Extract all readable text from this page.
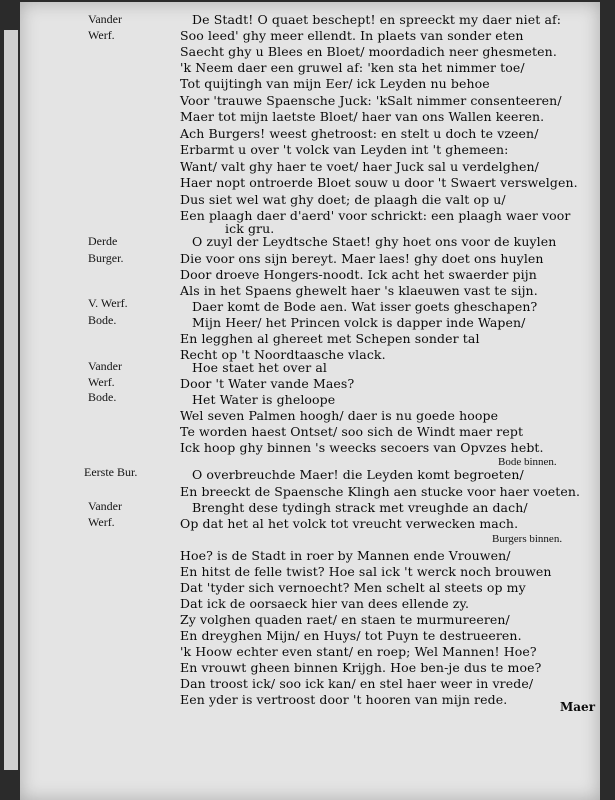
Vander
Werf.
Derde
Burger.
V. Werf.
Bode.
Vander
Werf.
Bode.
Eerste Bur.
Vander
Werf.
De Stadt! O quaet beschept! en spreeckt my daer niet af:
Soo leed' ghy meer ellendt. In plaets van sonder eten
Saecht ghy u Blees en Bloet/ moordadich neer ghesmeten.
'k Neem daer een gruwel af: 'ken sta het nimmer toe/
Tot quijtingh van mijn Eer/ ick Leyden nu behoe
Voor 'trauwe Spaensche Juck: 'kSalt nimmer consenteeren/
Maer tot mijn laetste Bloet/ haer van ons Wallen keeren.
Ach Burgers! weest ghetroost: en stelt u doch te vzeen/
Erbarmt u over 't volck van Leyden int 't ghemeen:
Want/ valt ghy haer te voet/ haer Juck sal u verdelghen/
Haer nopt ontroerde Bloet souw u door 't Swaert verswelgen.
Dus siet wel wat ghy doet; de plaagh die valt op u/
Een plaagh daer d'aerd' voor schrickt: een plaagh waer voor
ick gru.
O zuyl der Leydtsche Staet! ghy hoet ons voor de kuylen
Die voor ons sijn bereyt. Maer laes! ghy doet ons huylen
Door droeve Hongers-noodt. Ick acht het swaerder pijn
Als in het Spaens ghewelt haer 's klaeuwen vast te sijn.
Daer komt de Bode aen. Wat isser goets gheschapen?
Mijn Heer/ het Princen volck is dapper inde Wapen/
En legghen al ghereet met Schepen sonder tal
Recht op 't Noordtaasche vlack.
Hoe staet het over al
Door 't Water vande Maes?
Het Water is gheloope
Wel seven Palmen hoogh/ daer is nu goede hoope
Te worden haest Ontset/ soo sich de Windt maer rept
Ick hoop ghy binnen 's weecks secoers van Opvzes hebt.
O overbreuchde Maer! die Leyden komt begroeten/
En breeckt de Spaensche Klingh aen stucke voor haer voeten.
Brenght dese tydingh strack met vreughde an dach/
Op dat het al het volck tot vreucht verwecken mach.
Hoe? is de Stadt in roer by Mannen ende Vrouwen/
En hitst de felle twist? Hoe sal ick 't werck noch brouwen
Dat 'tyder sich vernoecht? Men schelt al steets op my
Dat ick de oorsaeck hier van dees ellende zy.
Zy volghen quaden raet/ en staen te murmureeren/
En dreyghen Mijn/ en Huys/ tot Puyn te destrueeren.
'k Hoow echter even stant/ en roep; Wel Mannen! Hoe?
En vrouwt gheen binnen Krijgh. Hoe ben-je dus te moe?
Dan troost ick/ soo ick kan/ en stel haer weer in vrede/
Een yder is vertroost door 't hooren van mijn rede.
Bode binnen.
Burgers binnen.
Maer
